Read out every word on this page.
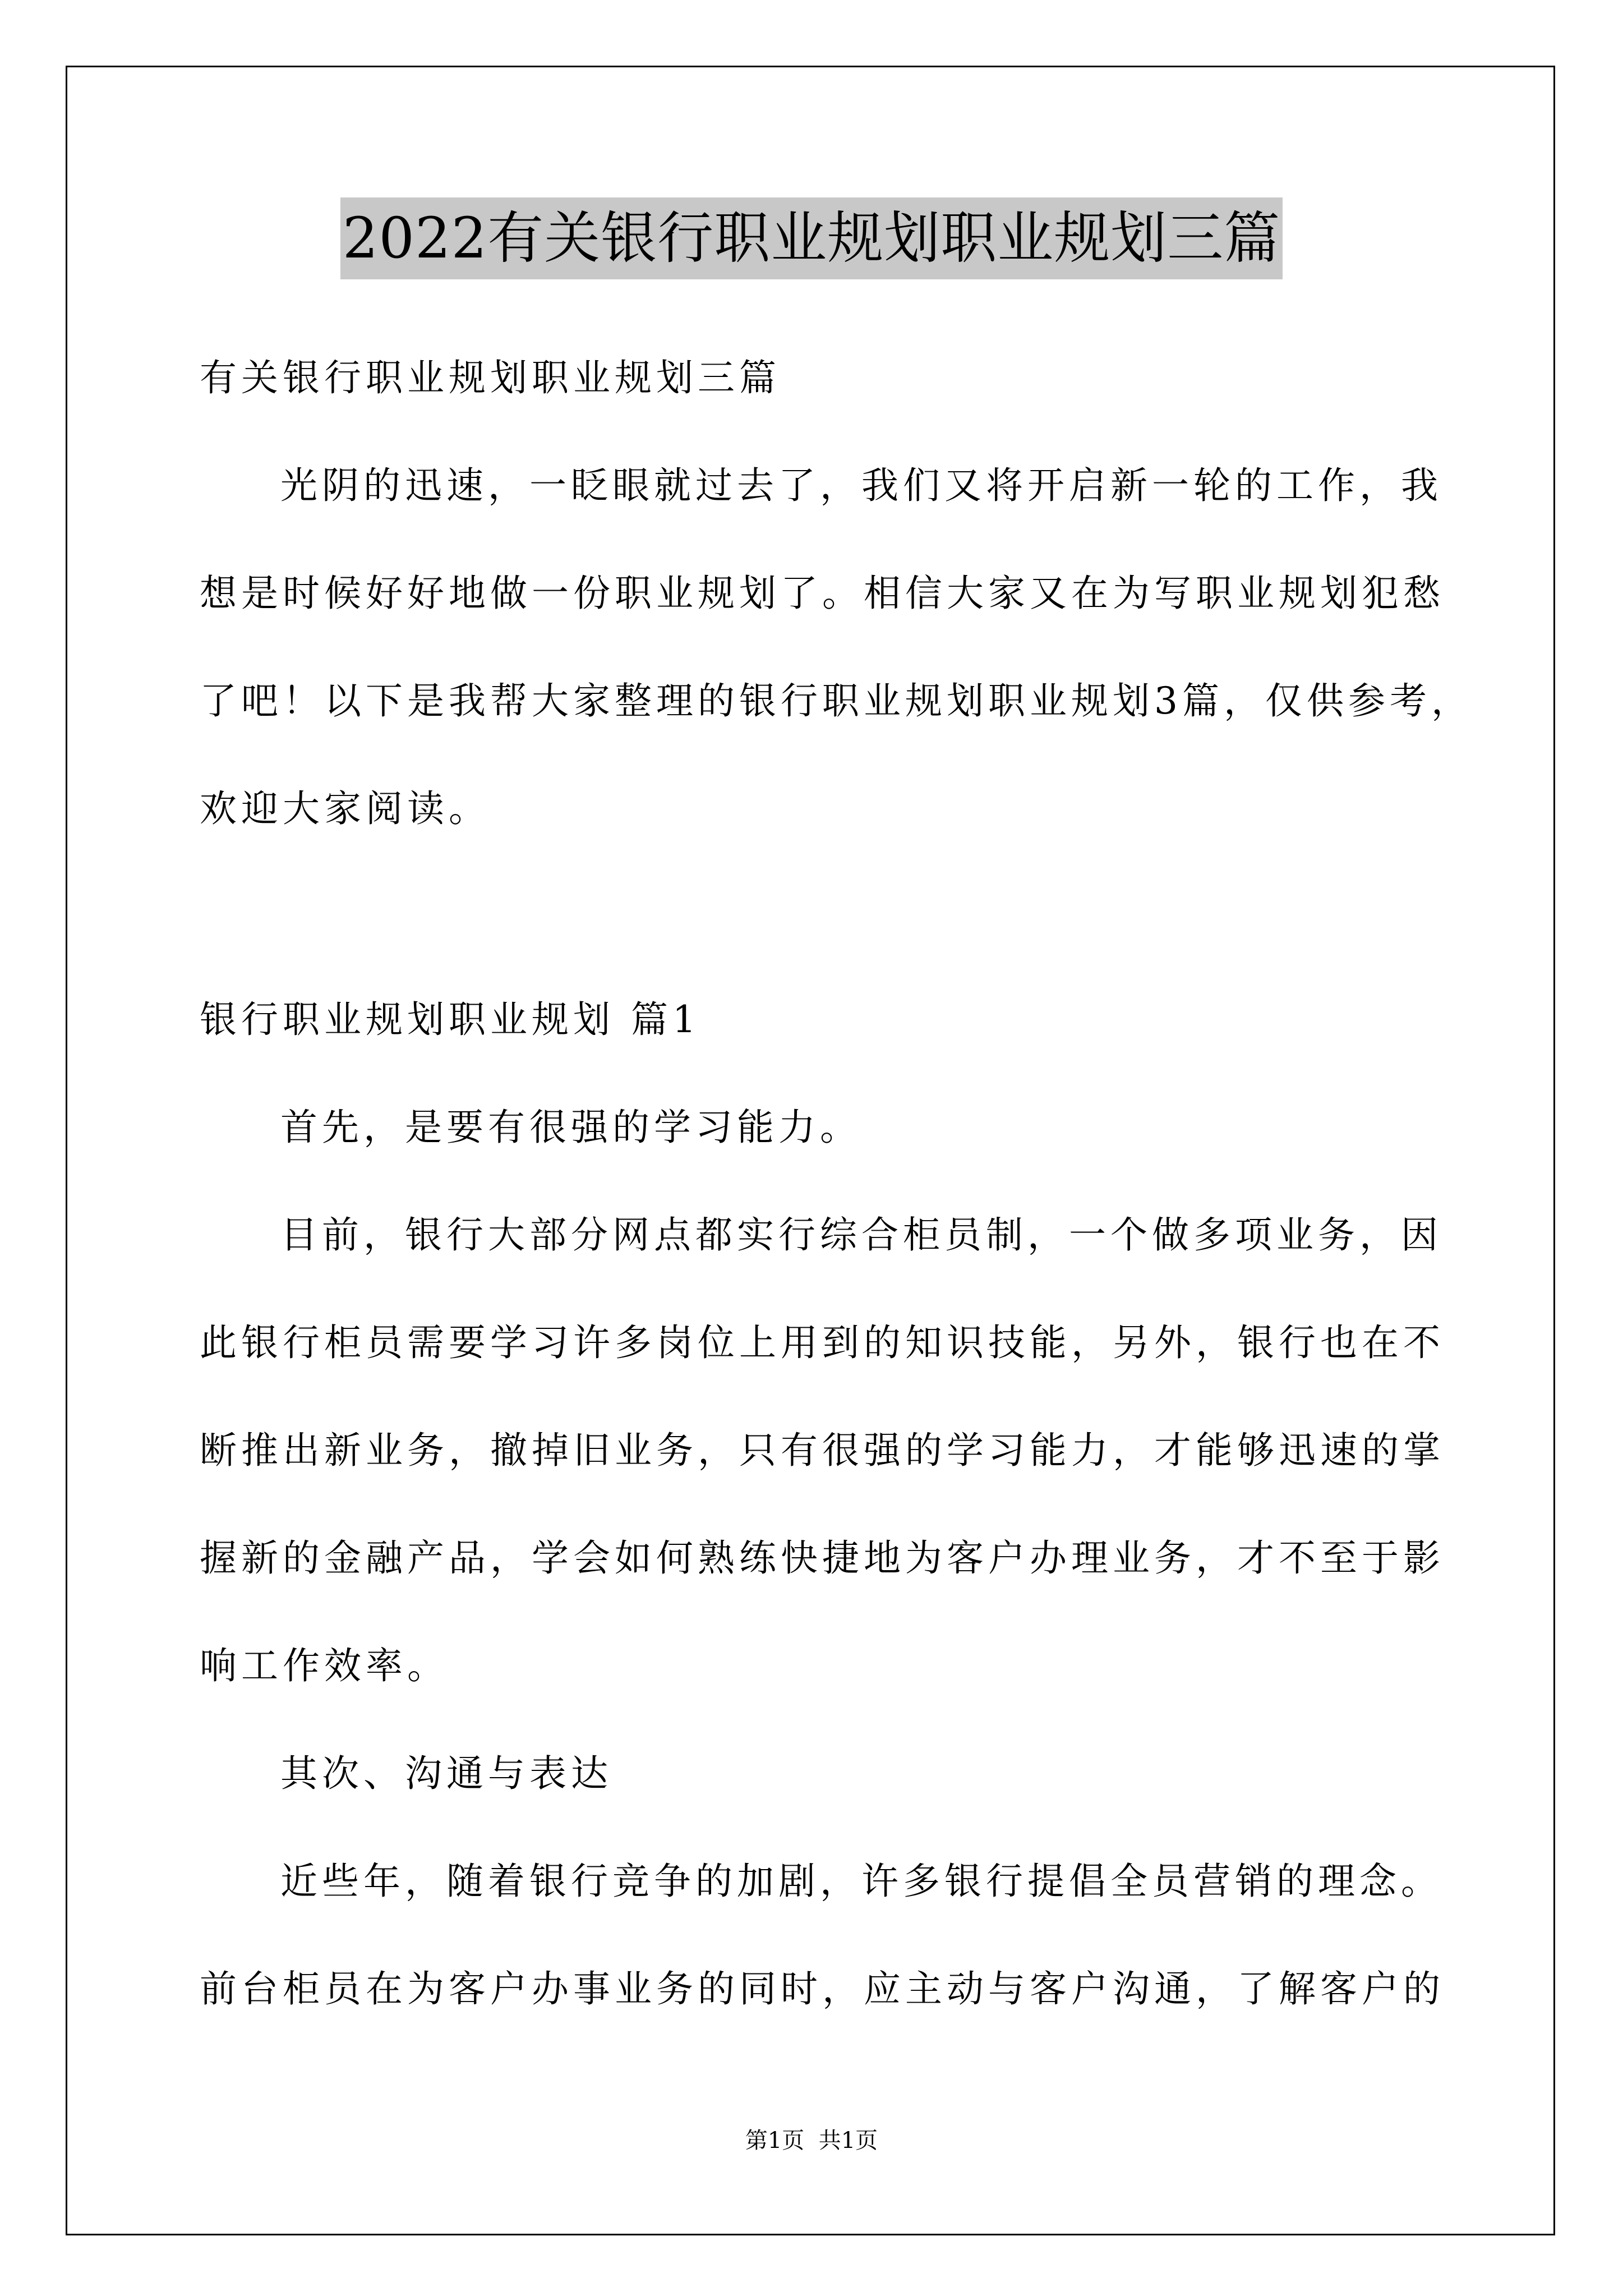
2022有关银行职业规划职业规划三篇
有关银行职业规划职业规划三篇
光阴的迅速，一眨眼就过去了，我们又将开启新一轮的工作，我
想是时候好好地做一份职业规划了。相信大家又在为写职业规划犯愁
了吧！以下是我帮大家整理的银行职业规划职业规划3篇，仅供参考，
欢迎大家阅读。
银行职业规划职业规划 篇1
首先，是要有很强的学习能力。
目前，银行大部分网点都实行综合柜员制，一个做多项业务，因
此银行柜员需要学习许多岗位上用到的知识技能，另外，银行也在不
断推出新业务，撤掉旧业务，只有很强的学习能力，才能够迅速的掌
握新的金融产品，学会如何熟练快捷地为客户办理业务，才不至于影
响工作效率。
其次、沟通与表达
近些年，随着银行竞争的加剧，许多银行提倡全员营销的理念。
前台柜员在为客户办事业务的同时，应主动与客户沟通，了解客户的
第1页  共1页
